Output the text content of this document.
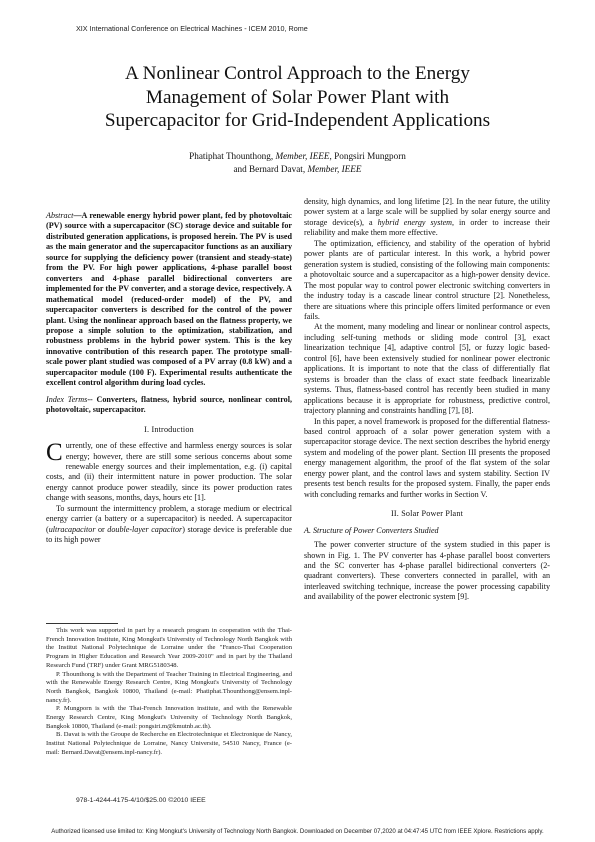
XIX International Conference on Electrical Machines - ICEM 2010, Rome
A Nonlinear Control Approach to the Energy
Management of Solar Power Plant with
Supercapacitor for Grid-Independent Applications
Phatiphat Thounthong, Member, IEEE, Pongsiri Mungporn
and Bernard Davat, Member, IEEE

Abstract—A renewable energy hybrid power plant, fed by photovoltaic (PV) source with a supercapacitor (SC) storage device and suitable for distributed generation applications, is proposed herein. The PV is used as the main generator and the supercapacitor functions as an auxiliary source for supplying the deficiency power (transient and steady-state) from the PV. For high power applications, 4-phase parallel boost converters and 4-phase parallel bidirectional converters are implemented for the PV converter, and a storage device, respectively. A mathematical model (reduced-order model) of the PV, and supercapacitor converters is described for the control of the power plant. Using the nonlinear approach based on the flatness property, we propose a simple solution to the optimization, stabilization, and robustness problems in the hybrid power system. This is the key innovative contribution of this research paper. The prototype small-scale power plant studied was composed of a PV array (0.8 kW) and a supercapacitor module (100 F). Experimental results authenticate the excellent control algorithm during load cycles.

Index Terms-- Converters, flatness, hybrid source, nonlinear control, photovoltaic, supercapacitor.

I. Introduction

Currently, one of these effective and harmless energy sources is solar energy; however, there are still some serious concerns about some renewable energy sources and their implementation, e.g. (i) capital costs, and (ii) their intermittent nature in power production. The solar energy cannot produce power steadily, since its power production rates change with seasons, months, days, hours etc [1].

To surmount the intermittency problem, a storage medium or electrical energy carrier (a battery or a supercapacitor) is needed. A supercapacitor (ultracapacitor or double-layer capacitor) storage device is preferable due to its high power

This work was supported in part by a research program in cooperation with the Thai-French Innovation Institute, King Mongkut's University of Technology North Bangkok with the Institut National Polytechnique de Lorraine under the "Franco-Thai Cooperation Program in Higher Education and Research Year 2009-2010" and in part by the Thailand Research Fund (TRF) under Grant MRG5180348.

P. Thounthong is with the Department of Teacher Training in Electrical Engineering, and with the Renewable Energy Research Centre, King Mongkut's University of Technology North Bangkok, Bangkok 10800, Thailand (e-mail: Phatiphat.Thounthong@ensem.inpl-nancy.fr).

P. Mungporn is with the Thai-French Innovation institute, and with the Renewable Energy Research Centre, King Mongkut's University of Technology North Bangkok, Bangkok 10800, Thailand (e-mail: pongsiri.m@kmutnb.ac.th).

B. Davat is with the Groupe de Recherche en Electrotechnique et Electronique de Nancy, Institut National Polytechnique de Lorraine, Nancy Universite, 54510 Nancy, France (e-mail: Bernard.Davat@ensem.inpl-nancy.fr).

density, high dynamics, and long lifetime [2]. In the near future, the utility power system at a large scale will be supplied by solar energy source and storage device(s), a hybrid energy system, in order to increase their reliability and make them more effective.

The optimization, efficiency, and stability of the operation of hybrid power plants are of particular interest. In this work, a hybrid power generation system is studied, consisting of the following main components: a photovoltaic source and a supercapacitor as a high-power density device. The most popular way to control power electronic switching converters in the industry today is a cascade linear control structure [2]. Nonetheless, there are situations where this principle offers limited performance or even fails.

At the moment, many modeling and linear or nonlinear control aspects, including self-tuning methods or sliding mode control [3], exact linearization technique [4], adaptive control [5], or fuzzy logic based-control [6], have been extensively studied for nonlinear power electronic applications. It is important to note that the class of differentially flat systems is broader than the class of exact state feedback linearizable systems. Thus, flatness-based control has recently been studied in many applications because it is appropriate for robustness, predictive control, trajectory planning and constraints handling [7], [8].

In this paper, a novel framework is proposed for the differential flatness-based control approach of a solar power generation system with a supercapacitor storage device. The next section describes the hybrid energy system and modeling of the power plant. Section III presents the proposed energy management algorithm, the proof of the flat system of the solar energy power plant, and the control laws and system stability. Section IV presents test bench results for the proposed system. Finally, the paper ends with concluding remarks and further works in Section V.

II. Solar Power Plant

A. Structure of Power Converters Studied

The power converter structure of the system studied in this paper is shown in Fig. 1. The PV converter has 4-phase parallel boost converters and the SC converter has 4-phase parallel bidirectional converters (2-quadrant converters). These converters connected in parallel, with an interleaved switching technique, increase the power processing capability and availability of the power electronic system [9].

978-1-4244-4175-4/10/$25.00 ©2010 IEEE
Authorized licensed use limited to: King Mongkut's University of Technology North Bangkok. Downloaded on December 07,2020 at 04:47:45 UTC from IEEE Xplore. Restrictions apply.
